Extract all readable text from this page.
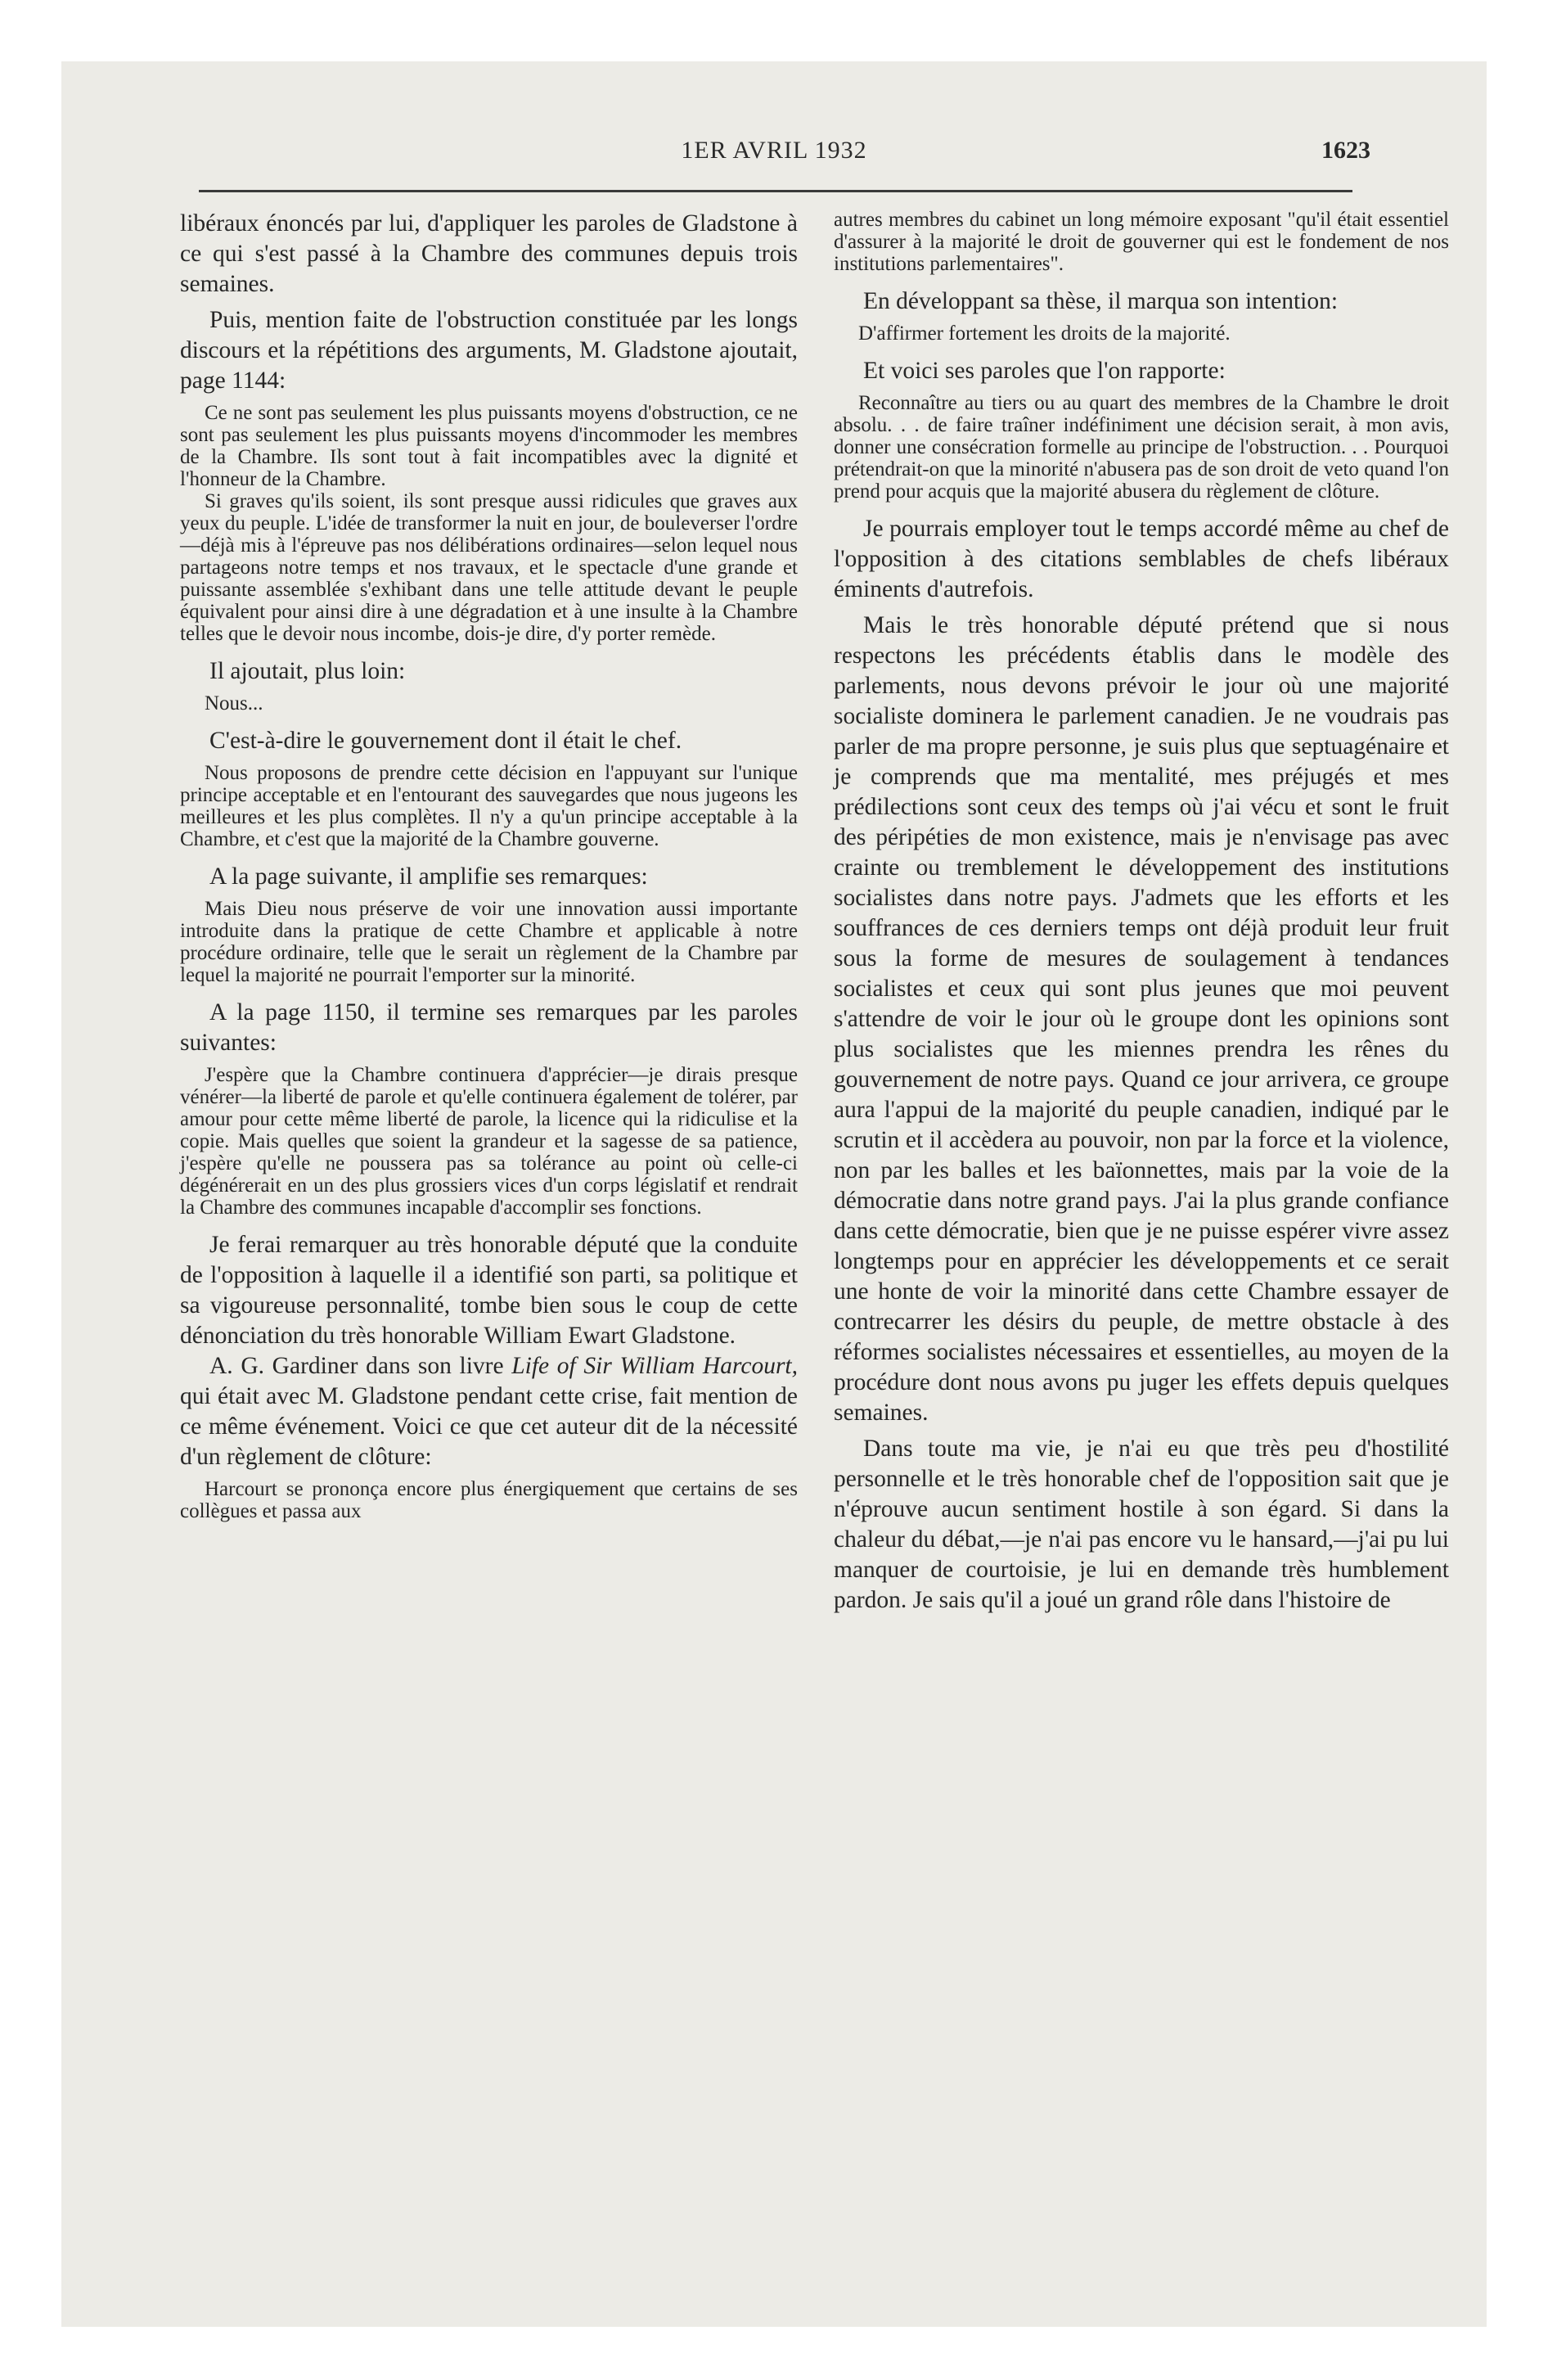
1ER AVRIL 1932	1623

libéraux énoncés par lui, d'appliquer les paroles de Gladstone à ce qui s'est passé à la Chambre des communes depuis trois semaines.

Puis, mention faite de l'obstruction constituée par les longs discours et la répétitions des arguments, M. Gladstone ajoutait, page 1144:

Ce ne sont pas seulement les plus puissants moyens d'obstruction, ce ne sont pas seulement les plus puissants moyens d'incommoder les membres de la Chambre. Ils sont tout à fait incompatibles avec la dignité et l'honneur de la Chambre.

Si graves qu'ils soient, ils sont presque aussi ridicules que graves aux yeux du peuple. L'idée de transformer la nuit en jour, de bouleverser l'ordre—déjà mis à l'épreuve pas nos délibérations ordinaires—selon lequel nous partageons notre temps et nos travaux, et le spectacle d'une grande et puissante assemblée s'exhibant dans une telle attitude devant le peuple équivalent pour ainsi dire à une dégradation et à une insulte à la Chambre telles que le devoir nous incombe, dois-je dire, d'y porter remède.

Il ajoutait, plus loin:

Nous...

C'est-à-dire le gouvernement dont il était le chef.

Nous proposons de prendre cette décision en l'appuyant sur l'unique principe acceptable et en l'entourant des sauvegardes que nous jugeons les meilleures et les plus complètes. Il n'y a qu'un principe acceptable à la Chambre, et c'est que la majorité de la Chambre gouverne.

A la page suivante, il amplifie ses remarques:

Mais Dieu nous préserve de voir une innovation aussi importante introduite dans la pratique de cette Chambre et applicable à notre procédure ordinaire, telle que le serait un règlement de la Chambre par lequel la majorité ne pourrait l'emporter sur la minorité.

A la page 1150, il termine ses remarques par les paroles suivantes:

J'espère que la Chambre continuera d'apprécier—je dirais presque vénérer—la liberté de parole et qu'elle continuera également de tolérer, par amour pour cette même liberté de parole, la licence qui la ridiculise et la copie. Mais quelles que soient la grandeur et la sagesse de sa patience, j'espère qu'elle ne poussera pas sa tolérance au point où celle-ci dégénérerait en un des plus grossiers vices d'un corps législatif et rendrait la Chambre des communes incapable d'accomplir ses fonctions.

Je ferai remarquer au très honorable député que la conduite de l'opposition à laquelle il a identifié son parti, sa politique et sa vigoureuse personnalité, tombe bien sous le coup de cette dénonciation du très honorable William Ewart Gladstone.

A. G. Gardiner dans son livre Life of Sir William Harcourt, qui était avec M. Gladstone pendant cette crise, fait mention de ce même événement. Voici ce que cet auteur dit de la nécessité d'un règlement de clôture:

Harcourt se prononça encore plus énergiquement que certains de ses collègues et passa aux

autres membres du cabinet un long mémoire exposant "qu'il était essentiel d'assurer à la majorité le droit de gouverner qui est le fondement de nos institutions parlementaires".

En développant sa thèse, il marqua son intention:

D'affirmer fortement les droits de la majorité.

Et voici ses paroles que l'on rapporte:

Reconnaître au tiers ou au quart des membres de la Chambre le droit absolu. . . de faire traîner indéfiniment une décision serait, à mon avis, donner une consécration formelle au principe de l'obstruction. . . Pourquoi prétendrait-on que la minorité n'abusera pas de son droit de veto quand l'on prend pour acquis que la majorité abusera du règlement de clôture.

Je pourrais employer tout le temps accordé même au chef de l'opposition à des citations semblables de chefs libéraux éminents d'autrefois.

Mais le très honorable député prétend que si nous respectons les précédents établis dans le modèle des parlements, nous devons prévoir le jour où une majorité socialiste dominera le parlement canadien. Je ne voudrais pas parler de ma propre personne, je suis plus que septuagénaire et je comprends que ma mentalité, mes préjugés et mes prédilections sont ceux des temps où j'ai vécu et sont le fruit des péripéties de mon existence, mais je n'envisage pas avec crainte ou tremblement le développement des institutions socialistes dans notre pays. J'admets que les efforts et les souffrances de ces derniers temps ont déjà produit leur fruit sous la forme de mesures de soulagement à tendances socialistes et ceux qui sont plus jeunes que moi peuvent s'attendre de voir le jour où le groupe dont les opinions sont plus socialistes que les miennes prendra les rênes du gouvernement de notre pays. Quand ce jour arrivera, ce groupe aura l'appui de la majorité du peuple canadien, indiqué par le scrutin et il accèdera au pouvoir, non par la force et la violence, non par les balles et les baïonnettes, mais par la voie de la démocratie dans notre grand pays. J'ai la plus grande confiance dans cette démocratie, bien que je ne puisse espérer vivre assez longtemps pour en apprécier les développements et ce serait une honte de voir la minorité dans cette Chambre essayer de contrecarrer les désirs du peuple, de mettre obstacle à des réformes socialistes nécessaires et essentielles, au moyen de la procédure dont nous avons pu juger les effets depuis quelques semaines.

Dans toute ma vie, je n'ai eu que très peu d'hostilité personnelle et le très honorable chef de l'opposition sait que je n'éprouve aucun sentiment hostile à son égard. Si dans la chaleur du débat,—je n'ai pas encore vu le hansard,—j'ai pu lui manquer de courtoisie, je lui en demande très humblement pardon. Je sais qu'il a joué un grand rôle dans l'histoire de
